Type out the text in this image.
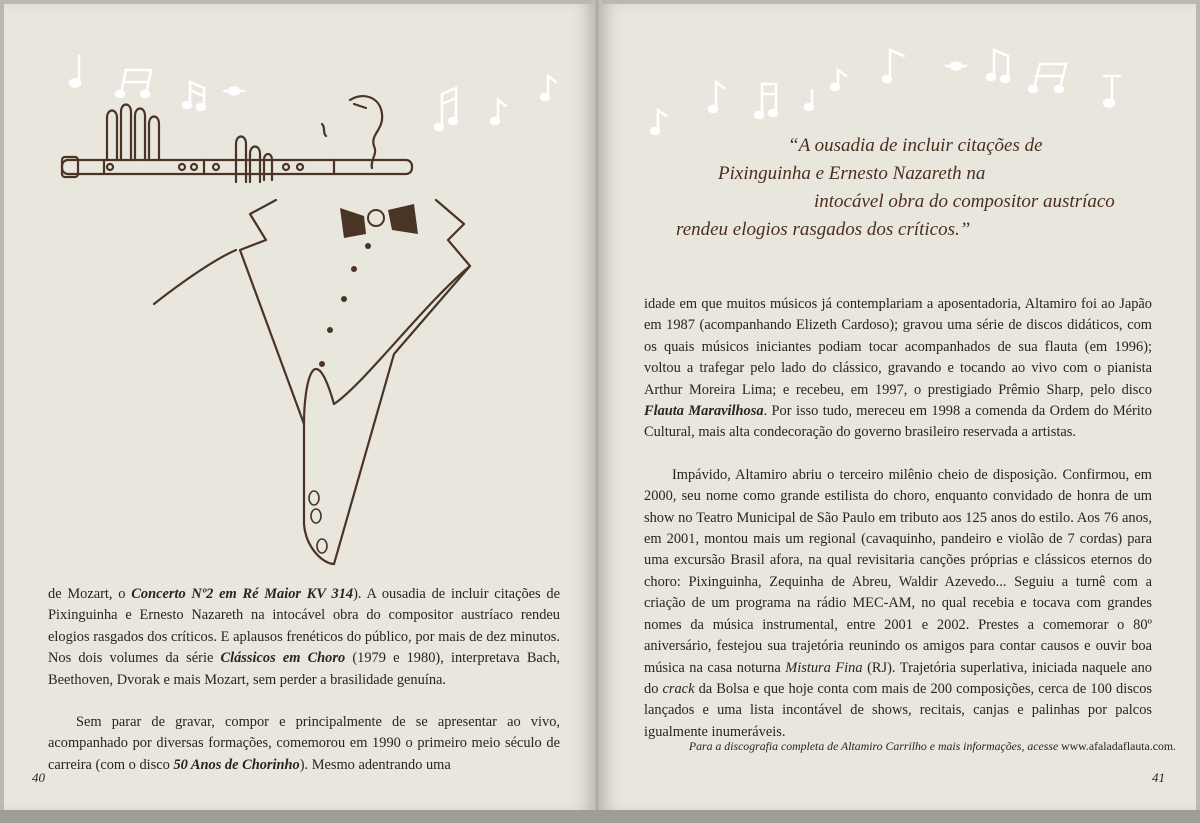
de Mozart, o Concerto Nº2 em Ré Maior KV 314). A ousadia de incluir citações de Pixinguinha e Ernesto Nazareth na intocável obra do compositor austríaco rendeu elogios rasgados dos críticos. E aplausos frenéticos do público, por mais de dez minutos. Nos dois volumes da série Clássicos em Choro (1979 e 1980), interpretava Bach, Beethoven, Dvorak e mais Mozart, sem perder a brasilidade genuína.

Sem parar de gravar, compor e principalmente de se apresentar ao vivo, acompanhado por diversas formações, comemorou em 1990 o primeiro meio século de carreira (com o disco 50 Anos de Chorinho). Mesmo adentrando uma

40
“A ousadia de incluir citações de
Pixinguinha e Ernesto Nazareth na
intocável obra do compositor austríaco
rendeu elogios rasgados dos críticos.”

idade em que muitos músicos já contemplariam a aposentadoria, Altamiro foi ao Japão em 1987 (acompanhando Elizeth Cardoso); gravou uma série de discos didáticos, com os quais músicos iniciantes podiam tocar acompanhados de sua flauta (em 1996); voltou a trafegar pelo lado do clássico, gravando e tocando ao vivo com o pianista Arthur Moreira Lima; e recebeu, em 1997, o prestigiado Prêmio Sharp, pelo disco Flauta Maravilhosa. Por isso tudo, mereceu em 1998 a comenda da Ordem do Mérito Cultural, mais alta condecoração do governo brasileiro reservada a artistas.

Impávido, Altamiro abriu o terceiro milênio cheio de disposição. Confirmou, em 2000, seu nome como grande estilista do choro, enquanto convidado de honra de um show no Teatro Municipal de São Paulo em tributo aos 125 anos do estilo. Aos 76 anos, em 2001, montou mais um regional (cavaquinho, pandeiro e violão de 7 cordas) para uma excursão Brasil afora, na qual revisitaria canções próprias e clássicos eternos do choro: Pixinguinha, Zequinha de Abreu, Waldir Azevedo... Seguiu a turnê com a criação de um programa na rádio MEC-AM, no qual recebia e tocava com grandes nomes da música instrumental, entre 2001 e 2002. Prestes a comemorar o 80º aniversário, festejou sua trajetória reunindo os amigos para contar causos e ouvir boa música na casa noturna Mistura Fina (RJ). Trajetória superlativa, iniciada naquele ano do crack da Bolsa e que hoje conta com mais de 200 composições, cerca de 100 discos lançados e uma lista incontável de shows, recitais, canjas e palinhas por palcos igualmente inumeráveis.

Para a discografia completa de Altamiro Carrilho e mais informações, acesse www.afaladaflauta.com.
41
